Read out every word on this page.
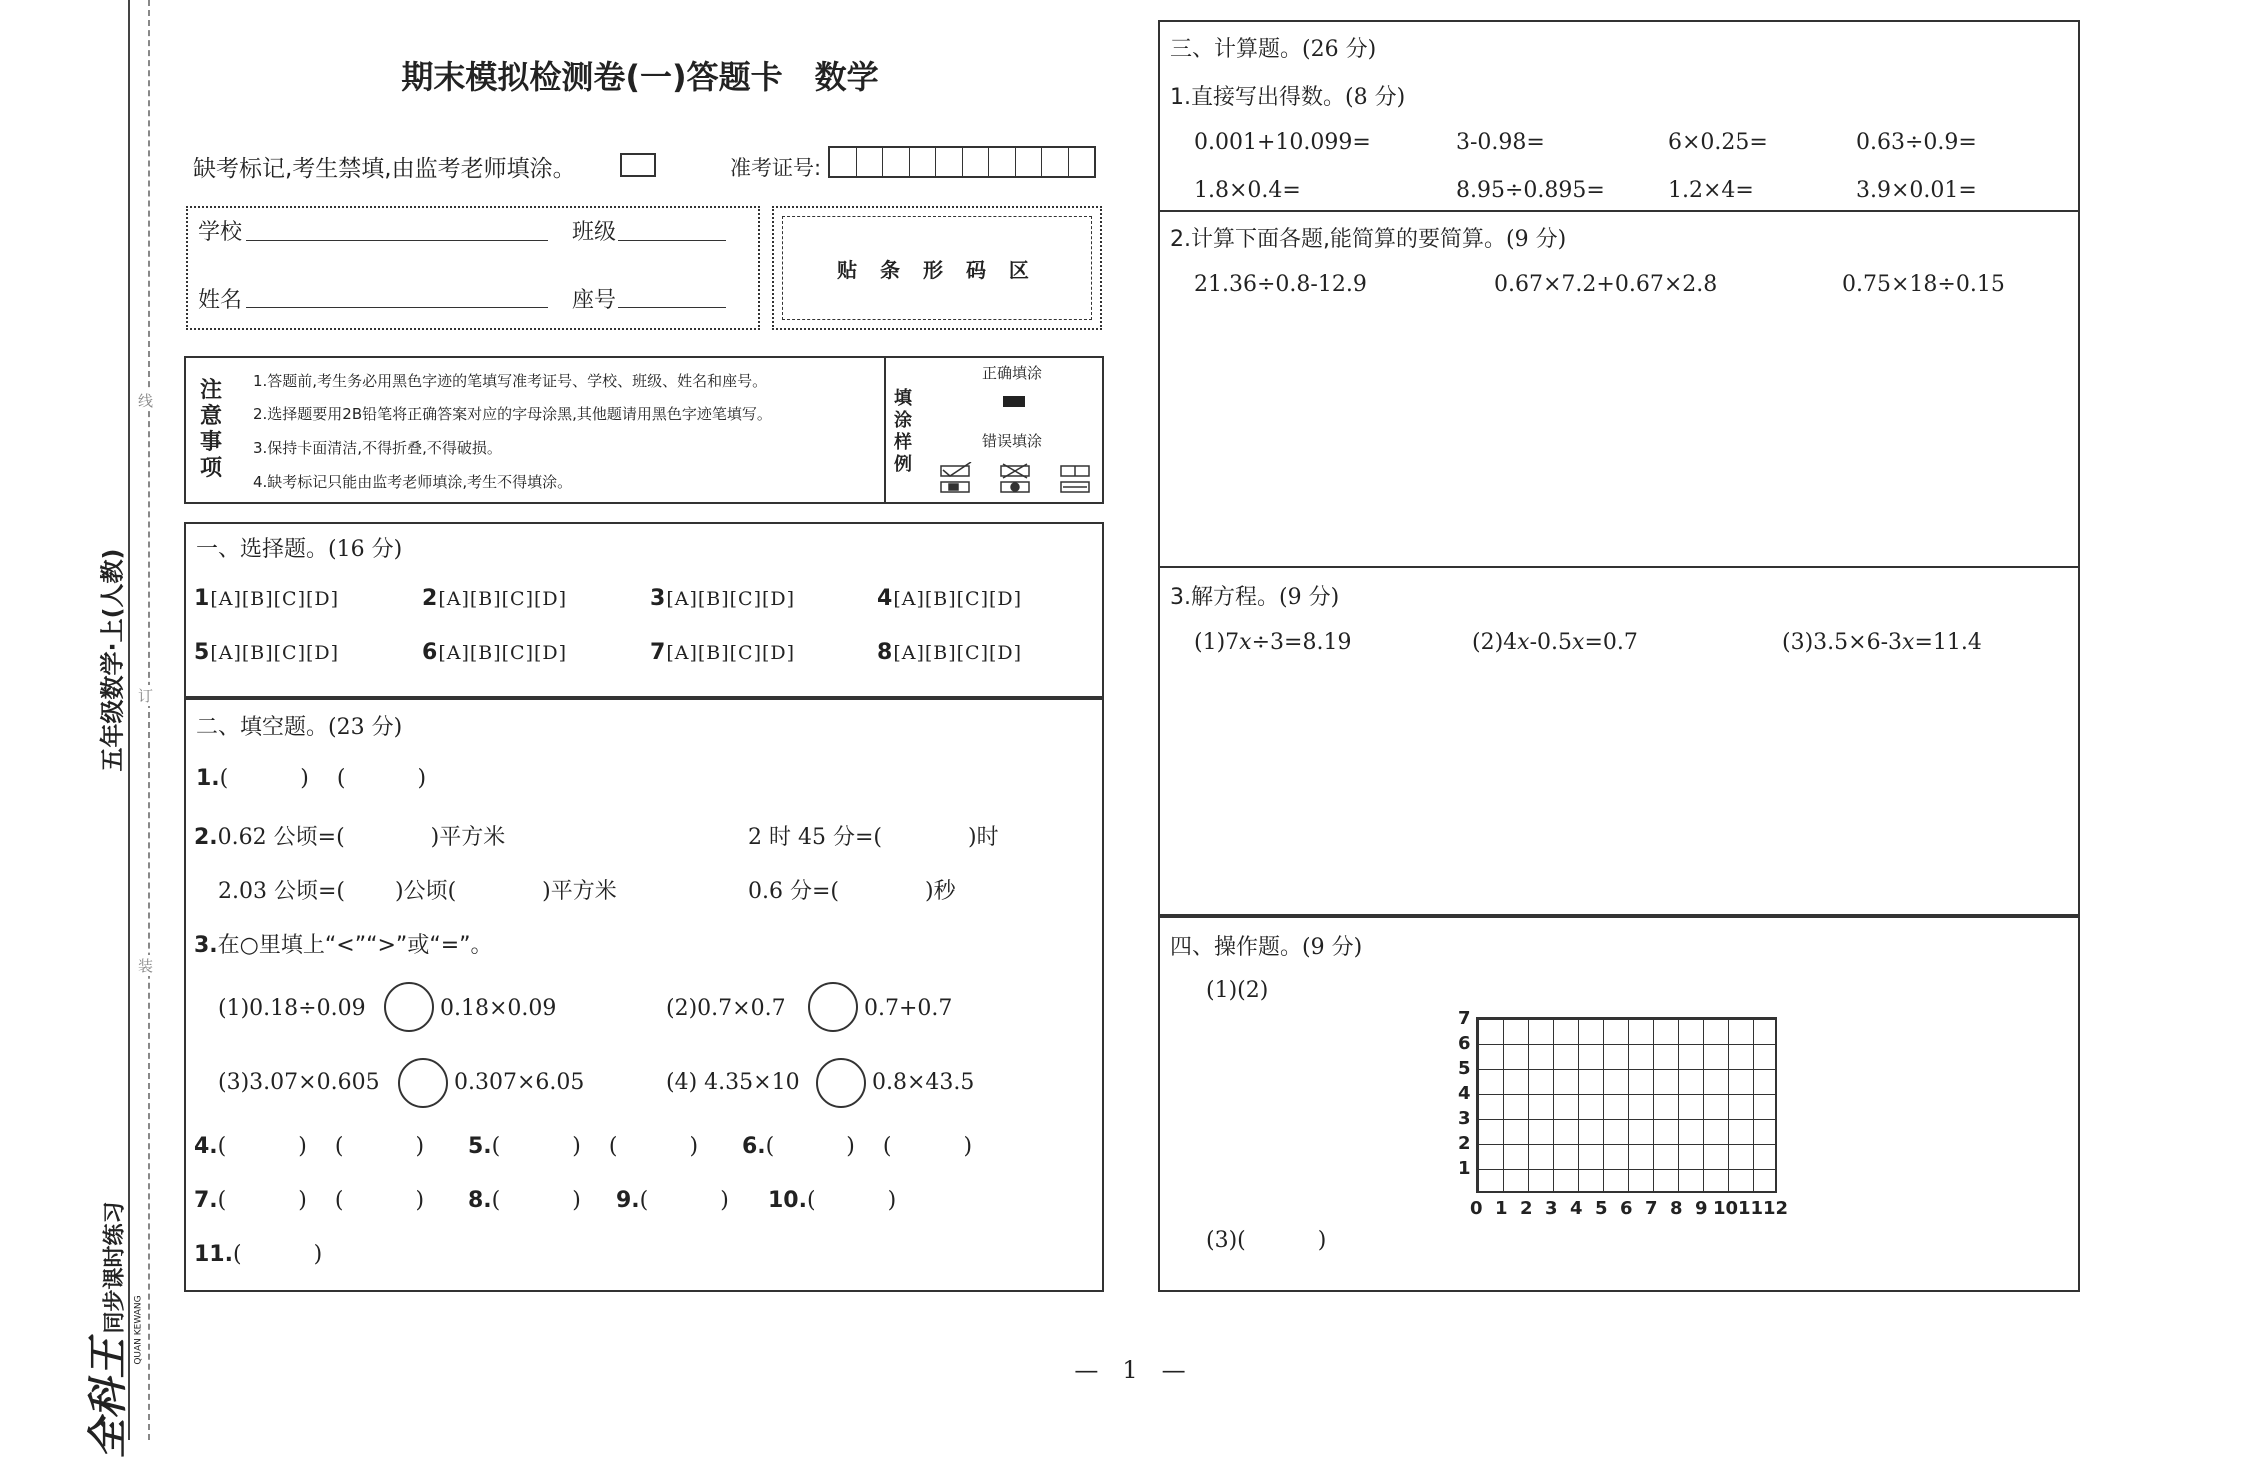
线
订
装
五年级数学·上(人教)
全科王 同步课时练习 QUAN KEWANG
期末模拟检测卷(一)答题卡　数学
缺考标记,考生禁填,由监考老师填涂。	准考证号:
学校	班级
姓名	座号
贴 条 形 码 区
注意事项
1.答题前,考生务必用黑色字迹的笔填写准考证号、学校、班级、姓名和座号。
2.选择题要用2B铅笔将正确答案对应的字母涂黑,其他题请用黑色字迹笔填写。
3.保持卡面清洁,不得折叠,不得破损。
4.缺考标记只能由监考老师填涂,考生不得填涂。
填涂样例
正确填涂
错误填涂
一、选择题。(16 分)
1[A][B][C][D]	2[A][B][C][D]	3[A][B][C][D]	4[A][B][C][D]
5[A][B][C][D]	6[A][B][C][D]	7[A][B][C][D]	8[A][B][C][D]
二、填空题。(23 分)
1.(	) (	)
2.0.62 公顷=(	)平方米	2 时 45 分=(	)时
2.03 公顷=( )公顷(	)平方米	0.6 分=(	)秒
3.在○里填上“<”“>”或“=”。
(1)0.18÷0.09	0.18×0.09	(2)0.7×0.7	0.7+0.7
(3)3.07×0.605	0.307×6.05	(4) 4.35×10	0.8×43.5
4.(	) (	) 5.(	) (	) 6.(	) (	)
7.(	) (	) 8.(	) 9.(	) 10.(	)
11.(	)
三、计算题。(26 分)
1.直接写出得数。(8 分)
0.001+10.099=	3-0.98=	6×0.25=	0.63÷0.9=
1.8×0.4=	8.95÷0.895=	1.2×4=	3.9×0.01=
2.计算下面各题,能简算的要简算。(9 分)
21.36÷0.8-12.9	0.67×7.2+0.67×2.8	0.75×18÷0.15
3.解方程。(9 分)
(1)7x÷3=8.19	(2)4x-0.5x=0.7	(3)3.5×6-3x=11.4
四、操作题。(9 分)
(1)(2)
7
6
5
4
3
2
1
0 1 2 3 4 5 6 7 8 9 10 11 12
(3)(	)
—　1　—
